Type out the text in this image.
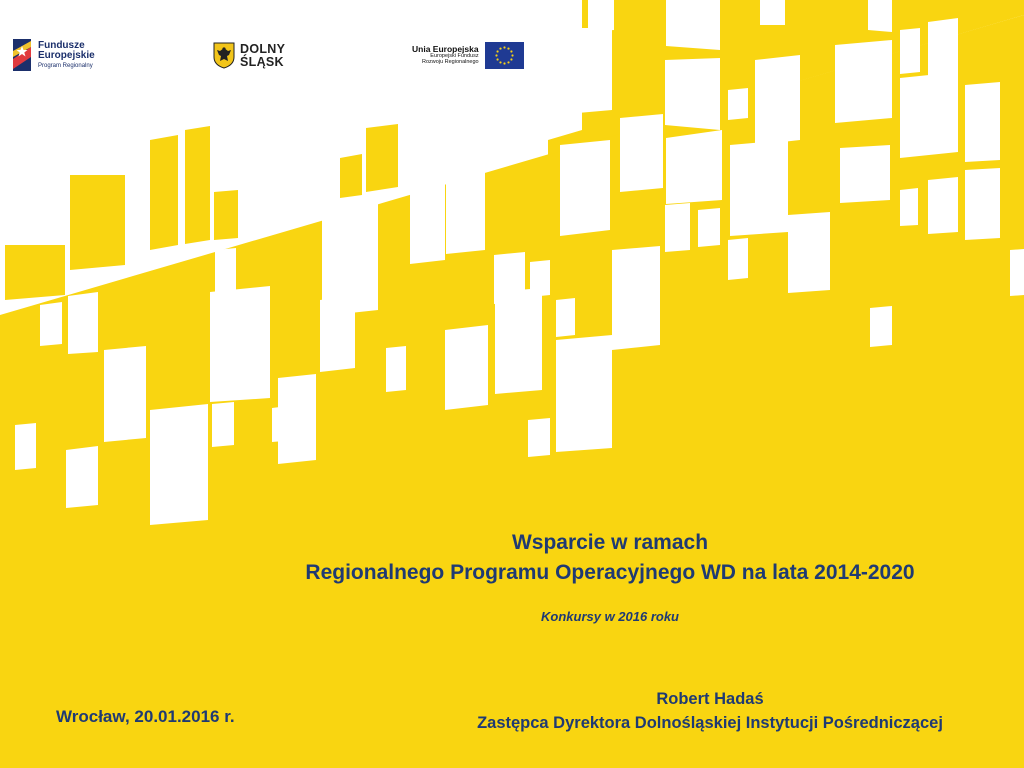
Fundusze
Europejskie
Program Regionalny
DOLNY
ŚLĄSK
Unia Europejska
Europejski Fundusz
Rozwoju Regionalnego
Wsparcie w ramach
Regionalnego Programu Operacyjnego WD na lata 2014-2020
Konkursy w 2016 roku
Wrocław, 20.01.2016 r.
Robert Hadaś
Zastępca Dyrektora Dolnośląskiej Instytucji Pośredniczącej
